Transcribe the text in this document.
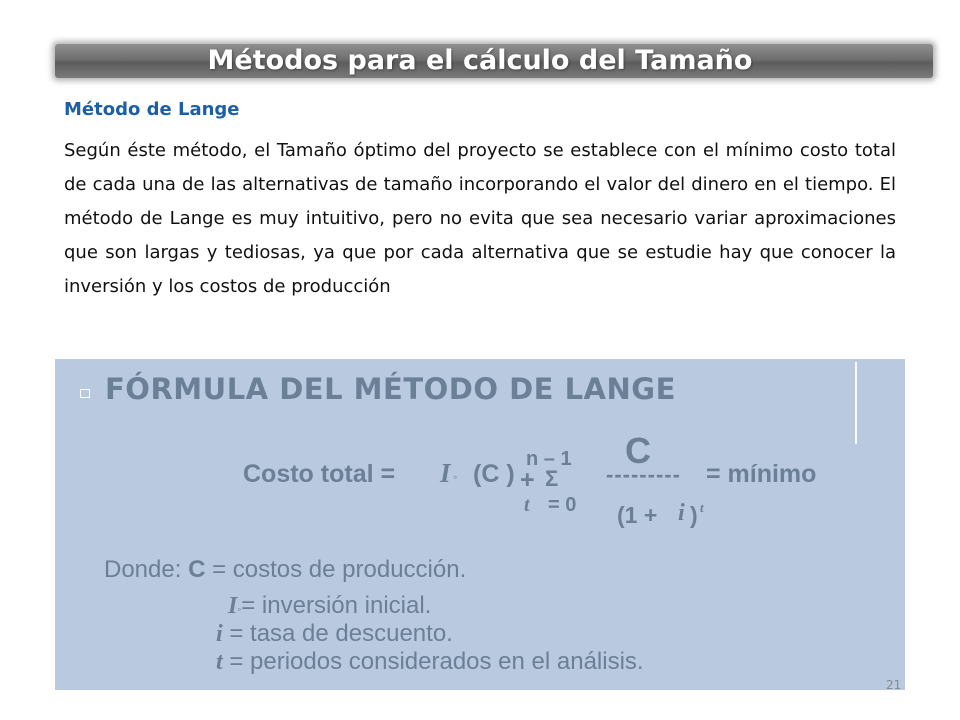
Métodos para el cálculo del Tamaño
Método de Lange
Según éste método, el Tamaño óptimo del proyecto se establece con el mínimo costo total de cada una de las alternativas de tamaño incorporando el valor del dinero en el tiempo. El método de Lange es muy intuitivo, pero no evita que sea necesario variar aproximaciones que son largas y tediosas, ya que por cada alternativa que se estudie hay que conocer la inversión y los costos de producción
FÓRMULA DEL MÉTODO DE LANGE
Costo total = I ◦ (C ) +
n – 1
Σ
t = 0
C
--------- = mínimo
(1 + i ) t
Donde: C = costos de producción.
I◦= inversión inicial.
i = tasa de descuento.
t = periodos considerados en el análisis.
21
